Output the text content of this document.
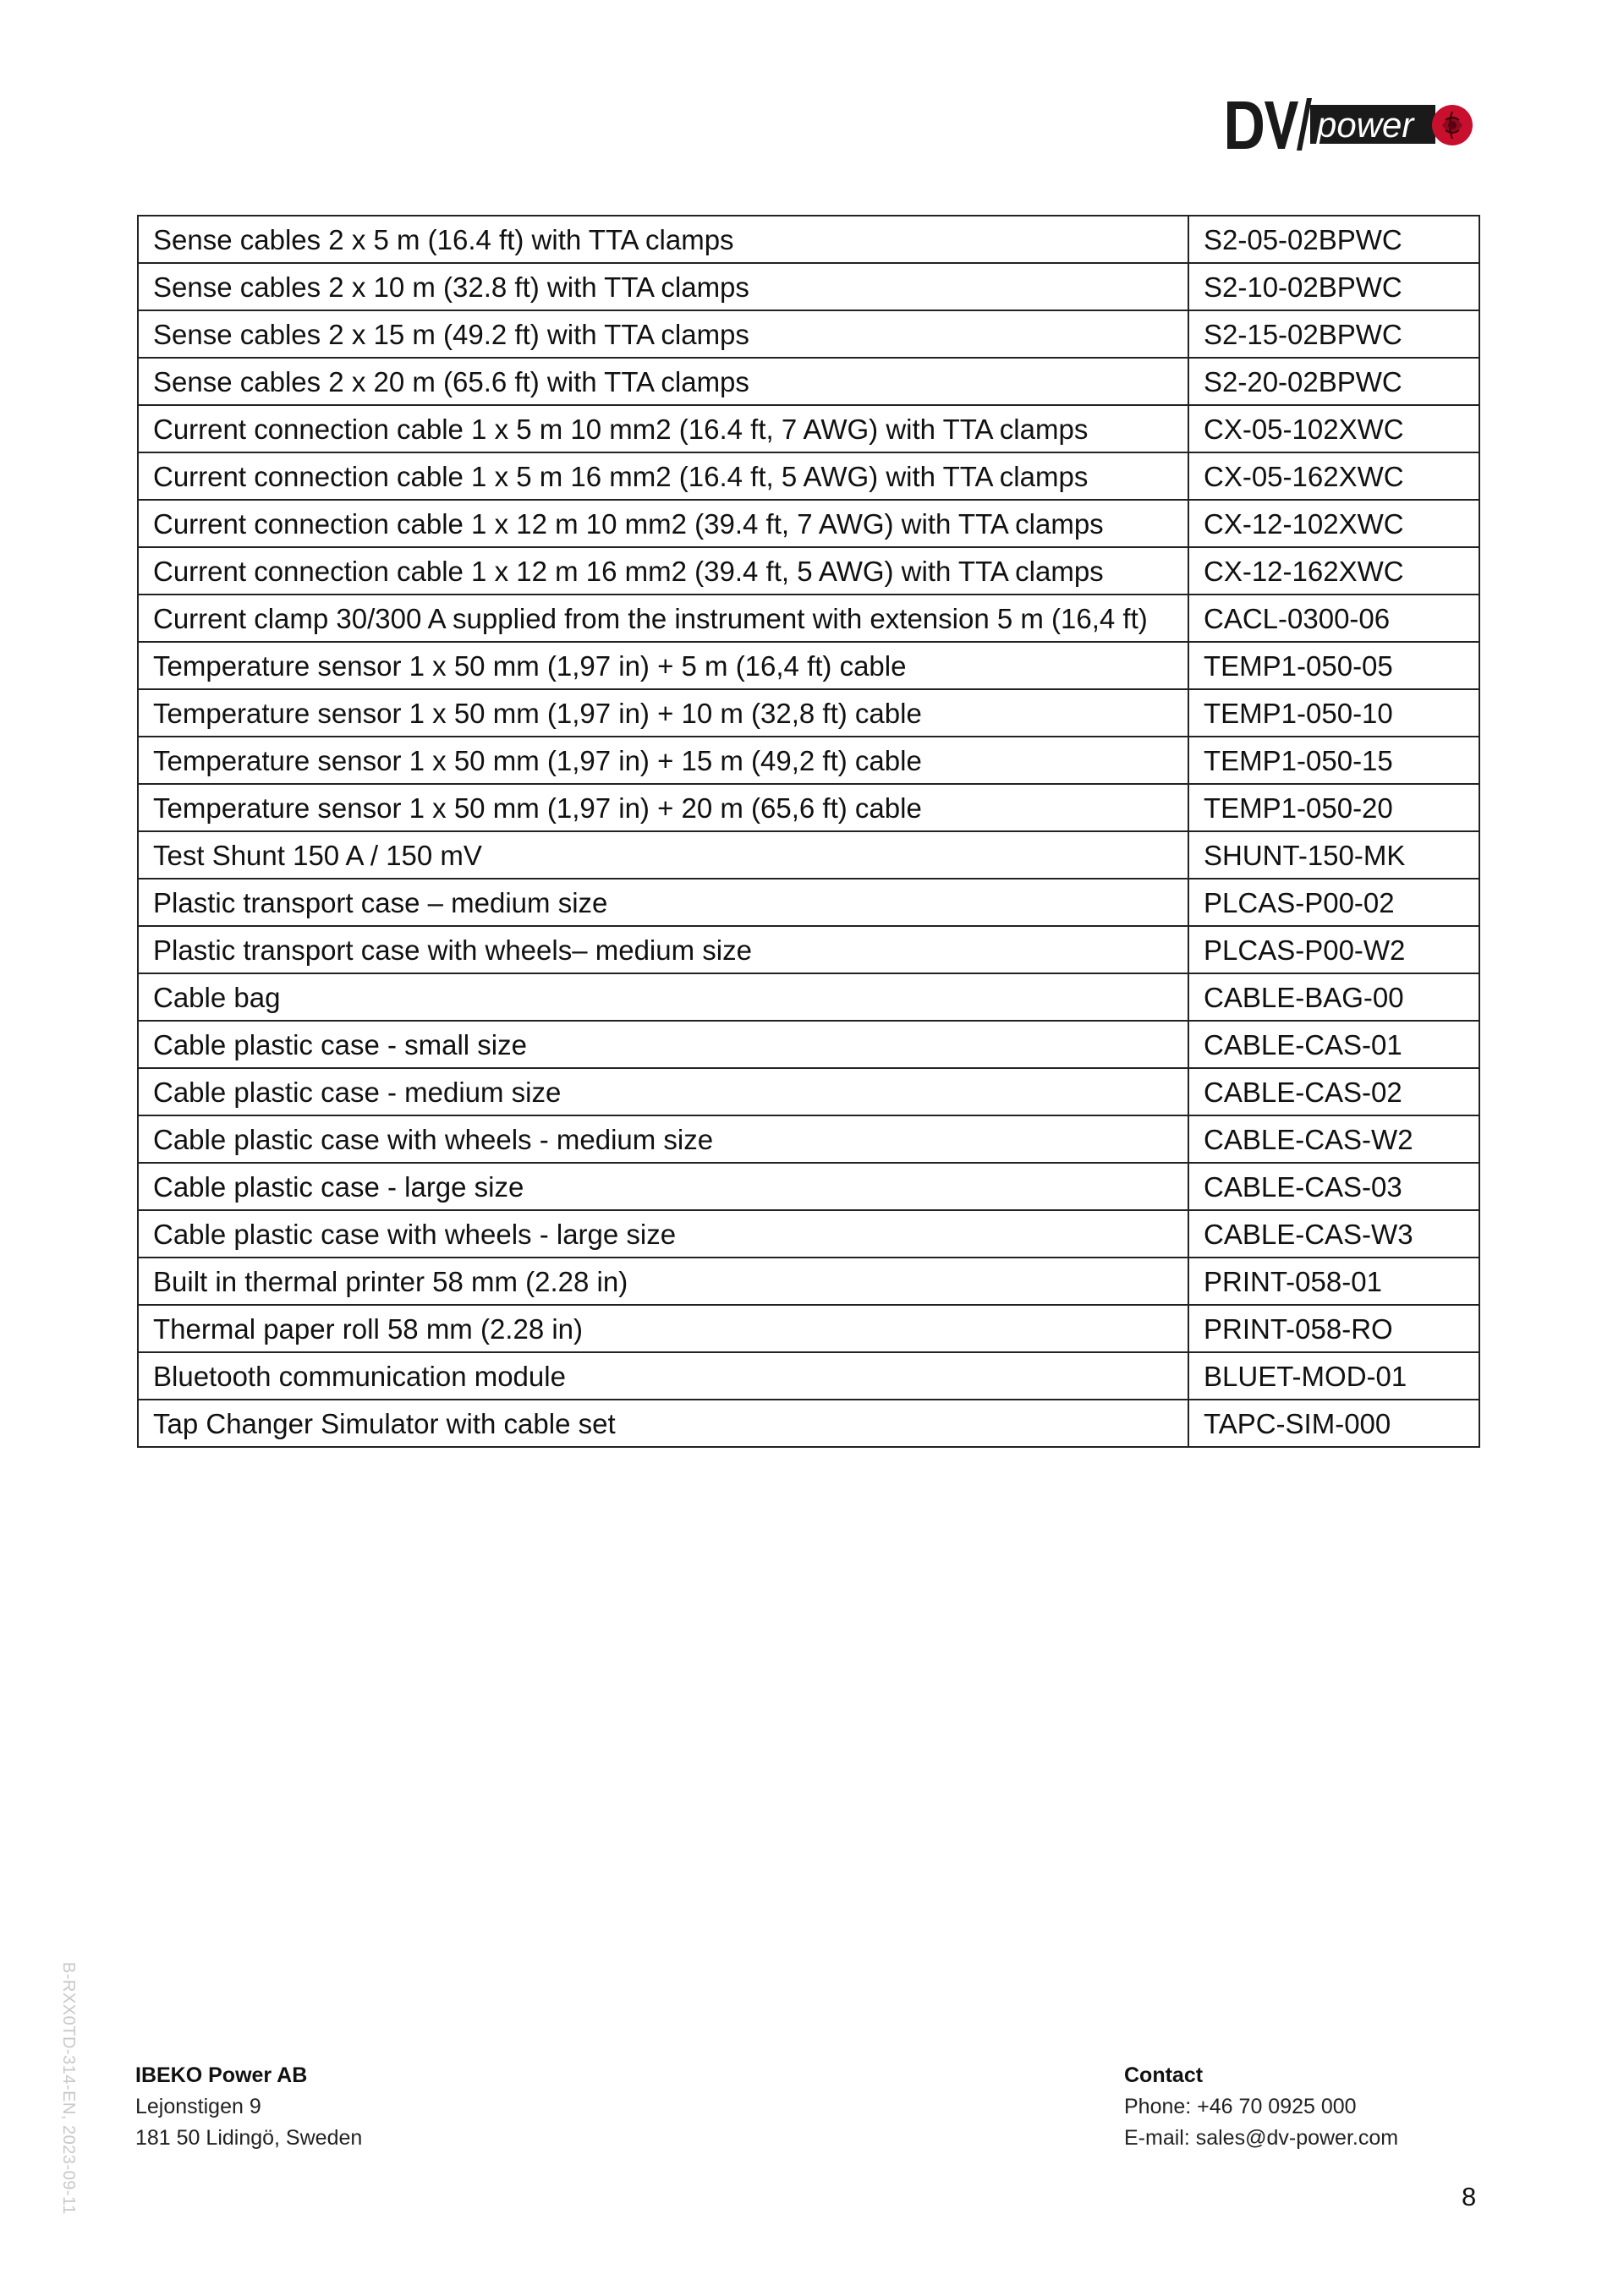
power
Sense cables 2 x 5 m (16.4 ft) with TTA clamps	S2-05-02BPWC
Sense cables 2 x 10 m (32.8 ft) with TTA clamps	S2-10-02BPWC
Sense cables 2 x 15 m (49.2 ft) with TTA clamps	S2-15-02BPWC
Sense cables 2 x 20 m (65.6 ft) with TTA clamps	S2-20-02BPWC
Current connection cable 1 x 5 m 10 mm2 (16.4 ft, 7 AWG) with TTA clamps	CX-05-102XWC
Current connection cable 1 x 5 m 16 mm2 (16.4 ft, 5 AWG) with TTA clamps	CX-05-162XWC
Current connection cable 1 x 12 m 10 mm2 (39.4 ft, 7 AWG) with TTA clamps	CX-12-102XWC
Current connection cable 1 x 12 m 16 mm2 (39.4 ft, 5 AWG) with TTA clamps	CX-12-162XWC
Current clamp 30/300 A supplied from the instrument with extension 5 m (16,4 ft)	CACL-0300-06
Temperature sensor 1 x 50 mm (1,97 in) + 5 m (16,4 ft) cable	TEMP1-050-05
Temperature sensor 1 x 50 mm (1,97 in) + 10 m (32,8 ft) cable	TEMP1-050-10
Temperature sensor 1 x 50 mm (1,97 in) + 15 m (49,2 ft) cable	TEMP1-050-15
Temperature sensor 1 x 50 mm (1,97 in) + 20 m (65,6 ft) cable	TEMP1-050-20
Test Shunt 150 A / 150 mV	SHUNT-150-MK
Plastic transport case – medium size	PLCAS-P00-02
Plastic transport case with wheels– medium size	PLCAS-P00-W2
Cable bag	CABLE-BAG-00
Cable plastic case - small size	CABLE-CAS-01
Cable plastic case - medium size	CABLE-CAS-02
Cable plastic case with wheels - medium size	CABLE-CAS-W2
Cable plastic case - large size	CABLE-CAS-03
Cable plastic case with wheels - large size	CABLE-CAS-W3
Built in thermal printer 58 mm (2.28 in)	PRINT-058-01
Thermal paper roll 58 mm (2.28 in)	PRINT-058-RO
Bluetooth communication module	BLUET-MOD-01
Tap Changer Simulator with cable set	TAPC-SIM-000
B-RXX0TD-314-EN, 2023-09-11	IBEKO Power AB
Lejonstigen 9
181 50 Lidingö, Sweden
Contact
Phone: +46 70 0925 000
E-mail: sales@dv-power.com
8
